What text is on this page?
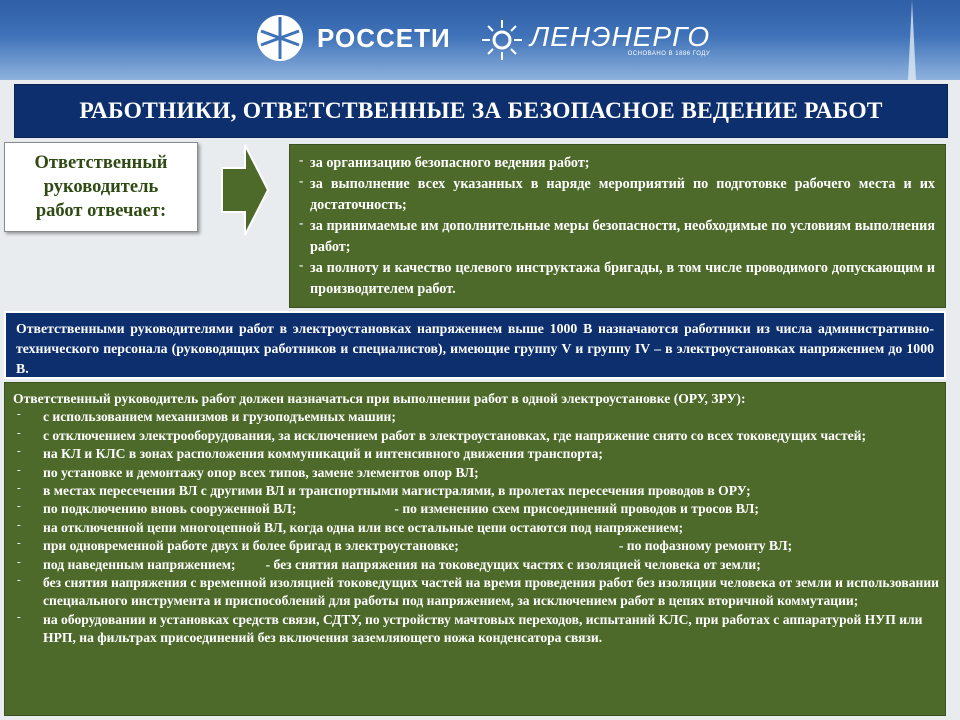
РОССЕТИ	ЛЕНЭНЕРГО
ОСНОВАНО В 1886 ГОДУ
РАБОТНИКИ, ОТВЕТСТВЕННЫЕ ЗА БЕЗОПАСНОЕ ВЕДЕНИЕ РАБОТ
Ответственный
руководитель
работ отвечает:
- за организацию безопасного ведения работ;
- за выполнение всех указанных в наряде мероприятий по подготовке рабочего места и их достаточность;
- за принимаемые им дополнительные меры безопасности, необходимые по условиям выполнения работ;
- за полноту и качество целевого инструктажа бригады, в том числе проводимого допускающим и производителем работ.

Ответственными руководителями работ в электроустановках напряжением выше 1000 В назначаются работники из числа административно-технического персонала (руководящих работников и специалистов), имеющие группу V и группу IV – в электроустановках напряжением до 1000 В.

Ответственный руководитель работ должен назначаться при выполнении работ в одной электроустановке (ОРУ, ЗРУ):
- с использованием механизмов и грузоподъемных машин;
- с отключением электрооборудования, за исключением работ в электроустановках, где напряжение снято со всех токоведущих частей;
- на КЛ и КЛС в зонах расположения коммуникаций и интенсивного движения транспорта;
- по установке и демонтажу опор всех типов, замене элементов опор ВЛ;
- в местах пересечения ВЛ с другими ВЛ и транспортными магистралями, в пролетах пересечения проводов в ОРУ;
- по подключению вновь сооруженной ВЛ;	- по изменению схем присоединений проводов и тросов ВЛ;
- на отключенной цепи многоцепной ВЛ, когда одна или все остальные цепи остаются под напряжением;
- при одновременной работе двух и более бригад в электроустановке;	- по пофазному ремонту ВЛ;
- под наведенным напряжением; - без снятия напряжения на токоведущих частях с изоляцией человека от земли;
- без снятия напряжения с временной изоляцией токоведущих частей на время проведения работ без изоляции человека от земли и использовании специального инструмента и приспособлений для работы под напряжением, за исключением работ в цепях вторичной коммутации;
- на оборудовании и установках средств связи, СДТУ, по устройству мачтовых переходов, испытаний КЛС, при работах с аппаратурой НУП или НРП, на фильтрах присоединений без включения заземляющего ножа конденсатора связи.
